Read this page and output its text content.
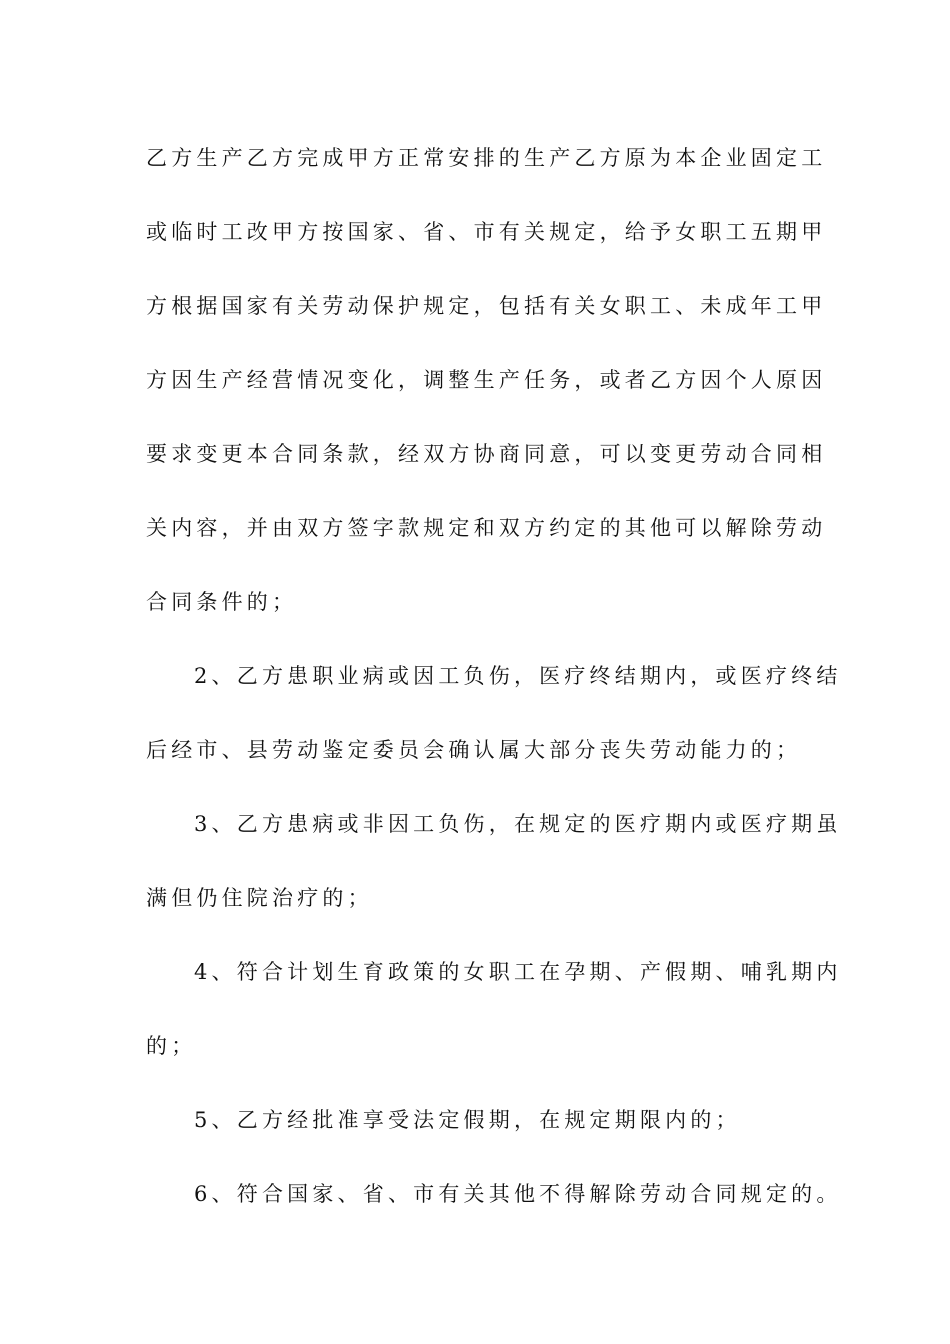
乙方生产乙方完成甲方正常安排的生产乙方原为本企业固定工
或临时工改甲方按国家、省、市有关规定，给予女职工五期甲
方根据国家有关劳动保护规定，包括有关女职工、未成年工甲
方因生产经营情况变化，调整生产任务，或者乙方因个人原因
要求变更本合同条款，经双方协商同意，可以变更劳动合同相
关内容，并由双方签字款规定和双方约定的其他可以解除劳动
合同条件的；
2、乙方患职业病或因工负伤，医疗终结期内，或医疗终结
后经市、县劳动鉴定委员会确认属大部分丧失劳动能力的；
3、乙方患病或非因工负伤，在规定的医疗期内或医疗期虽
满但仍住院治疗的；
4、符合计划生育政策的女职工在孕期、产假期、哺乳期内
的；
5、乙方经批准享受法定假期，在规定期限内的；
6、符合国家、省、市有关其他不得解除劳动合同规定的。
